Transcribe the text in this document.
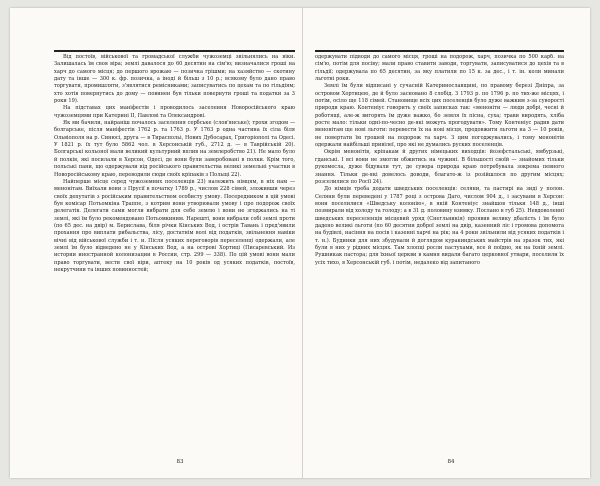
Від постоїв, військової та громадської служби чужоземці звільнялись на віки. Залишалась їм своя віра; землі давалося до 60 десятин на сім'ю; визначалися гроші на харч до самого місця; до першого врожаю — позичка грішми; на хазяйство — скотину дату та інше — 300 к. фр. позичка, а іноді й більш з 10 р.; всякому було дано право торгувати, промишляти, з'являтися ремісниками; записуватись по цехам та по гільдіям; хто хотів повернутись до дому — повинен був тільки повернути гроші та податки за 3 роки 19).

На підставах цих маніфестів і проводилось заселення Новоросійського краю чужоземцями при Катерині II, Павлові та Олександрові.

Як ми бачили, найраніш почалось заселення сербське (слов'янське); трохи згодом — болгарське, після маніфестів 1762 р. та 1763 р. У 1763 р одна частина їх сіла біля Ольвіополя на р. Синюсі, друга — в Тираспольi, Нових Дубосарах, Григоріополі та Одесі. У 1821 р. їх тут було 5862 чол. в Херсонській губ., 2712 д. — в Таврійській 20). Болгарські кольоної мали великий культурний вплив на землеробство 21). Не мало було й полків, які посилали в Херсон, Одесі, де вони були заверобовані в полки. Крім того, польські пани, що одержували від російського правительства великі земельні участки в Новоросійському краю, переводили сюди своїх кріпаків з Польщі 22).

Найперше місце серед чужоземних поселенців 23) належить німцям, в ніх нам — менонітам. Виїхали вони з Прусії в початку 1789 р., числом 228 сімей, зложивши через своїх депутатів з російським правительством особисту умову. Посередником в цій умові був комісар Потьомкіна Траппе, з котрим вони утворювали умову і про подорож своїх делегатів. Делегати сами могли вибрати для себе землю і вони не згоджались на ті землі, які їм було рекомендовано Потьомкиним. Нарешті, вони вибрали собі землі проти (по 65 дес. на двір) м. Берислава, біля річки Кінських Вод, і острів Тавань і пред'явили прохання про виплати рибальства, лісу, достатнім волі від податків, звільнення навіки вічні від військової служби і т. и. Після усяких переговорів переселенці одержали, але землі їм було відведено не у Кінських Вод, а на острові Хортиці (Писаревський. Из истории иностранной колонизации в России, стр. 299 — 338). По цій умові вони мали право торгувати, вести свої віри, аптеку на 10 років од усяких податків, постоїв, некрутчини та інших повинностей;

83

одержувати підводи до самого місця, гроші на подорож, харч, позичка по 500 карб. на сім'ю, потім для посіву; мали право ставити заводи, торгувати, записуватися до цехів та в гільдії; одержувала по 65 десятин, за яку платили по 15 к. за дес., і т. ін. коли минали льготні роки.

Землі їм були відписані у сучасній Катеринославщині, по правому березі Дніпра, за островом Хортицею, де й було засновано 8 слобід. З 1793 р. по 1796 р. по тих-же місцях, і потім, осіло ще 118 сімей. Становище всіх цих поселенців було дуже важким з-за суворості природи краю. Контеніус говорить у своїх записках так: «меноніти — люди добрі, чесні й роботящі, але-ж вигорять їм дуже важко, бо земля їх пісна, суха; трави виродять, хліба росте мало: тільки одні-по-чесно де-які можуть прогодувати». Тому Контеніус радив дати менонітам ще нові льготи: перевести їх на нові місця, продовжити льготи на 3 — 10 років, не повертати їм грошей на подорож та харч. З цим погоджувались, і тому менонітів одержали найбільші привілеї, про які не думались рускиx поселенців.

Окрім менонітів, кріпакам й других німецьких виходців: йозефстальські, ямбурзькі, гданські. І всі вони не змогли обжитись на чужині. В більшості своїй — знайомих тільки рукомесла, дуже бідували тут, де сувора природа краю потребувала зокрема певного знання. Тільки де-які довелось доводи, благато-ж із розійшлося по другим місцях; розселилися по Росії 24).

До німців треба додати шведських поселенців: селяни, та пастирі на зиді у полон. Селяни були переведені у 1787 році з острова Даго, числом 904 д., і засувани в Херсон: вони поселилися «Шведську колонію», в якій Контеніус знайшов тільки 148 д., інші позмирали від холоду та голоду; а в 31 д. половину взимку. Послано в губ 25). Невдоволенні шведських переселенців місцевий уряд (Снегльникія) проявив велику дбалість і їм було дадено великі льготи (по 60 десятин доброї землі на двір, казенний ліс і громова допомога на будівлі, насіння на посів і казенні харчі на рік; на 4 роки звільнили від усяких податків і т. н.). Будинки для них збудували й доглядом куракиндських майстрів на зразок тих, які були в них у рідних місцях. Там хлопці росли пастухами, все й поїдно, як на їхній землі. Рушникак пастора; для їхньої церкви в камня видали багато церковної утвари, поселили їх усіх тихо, в Херсонській губ. і потім, недалеко від запитаного

84
